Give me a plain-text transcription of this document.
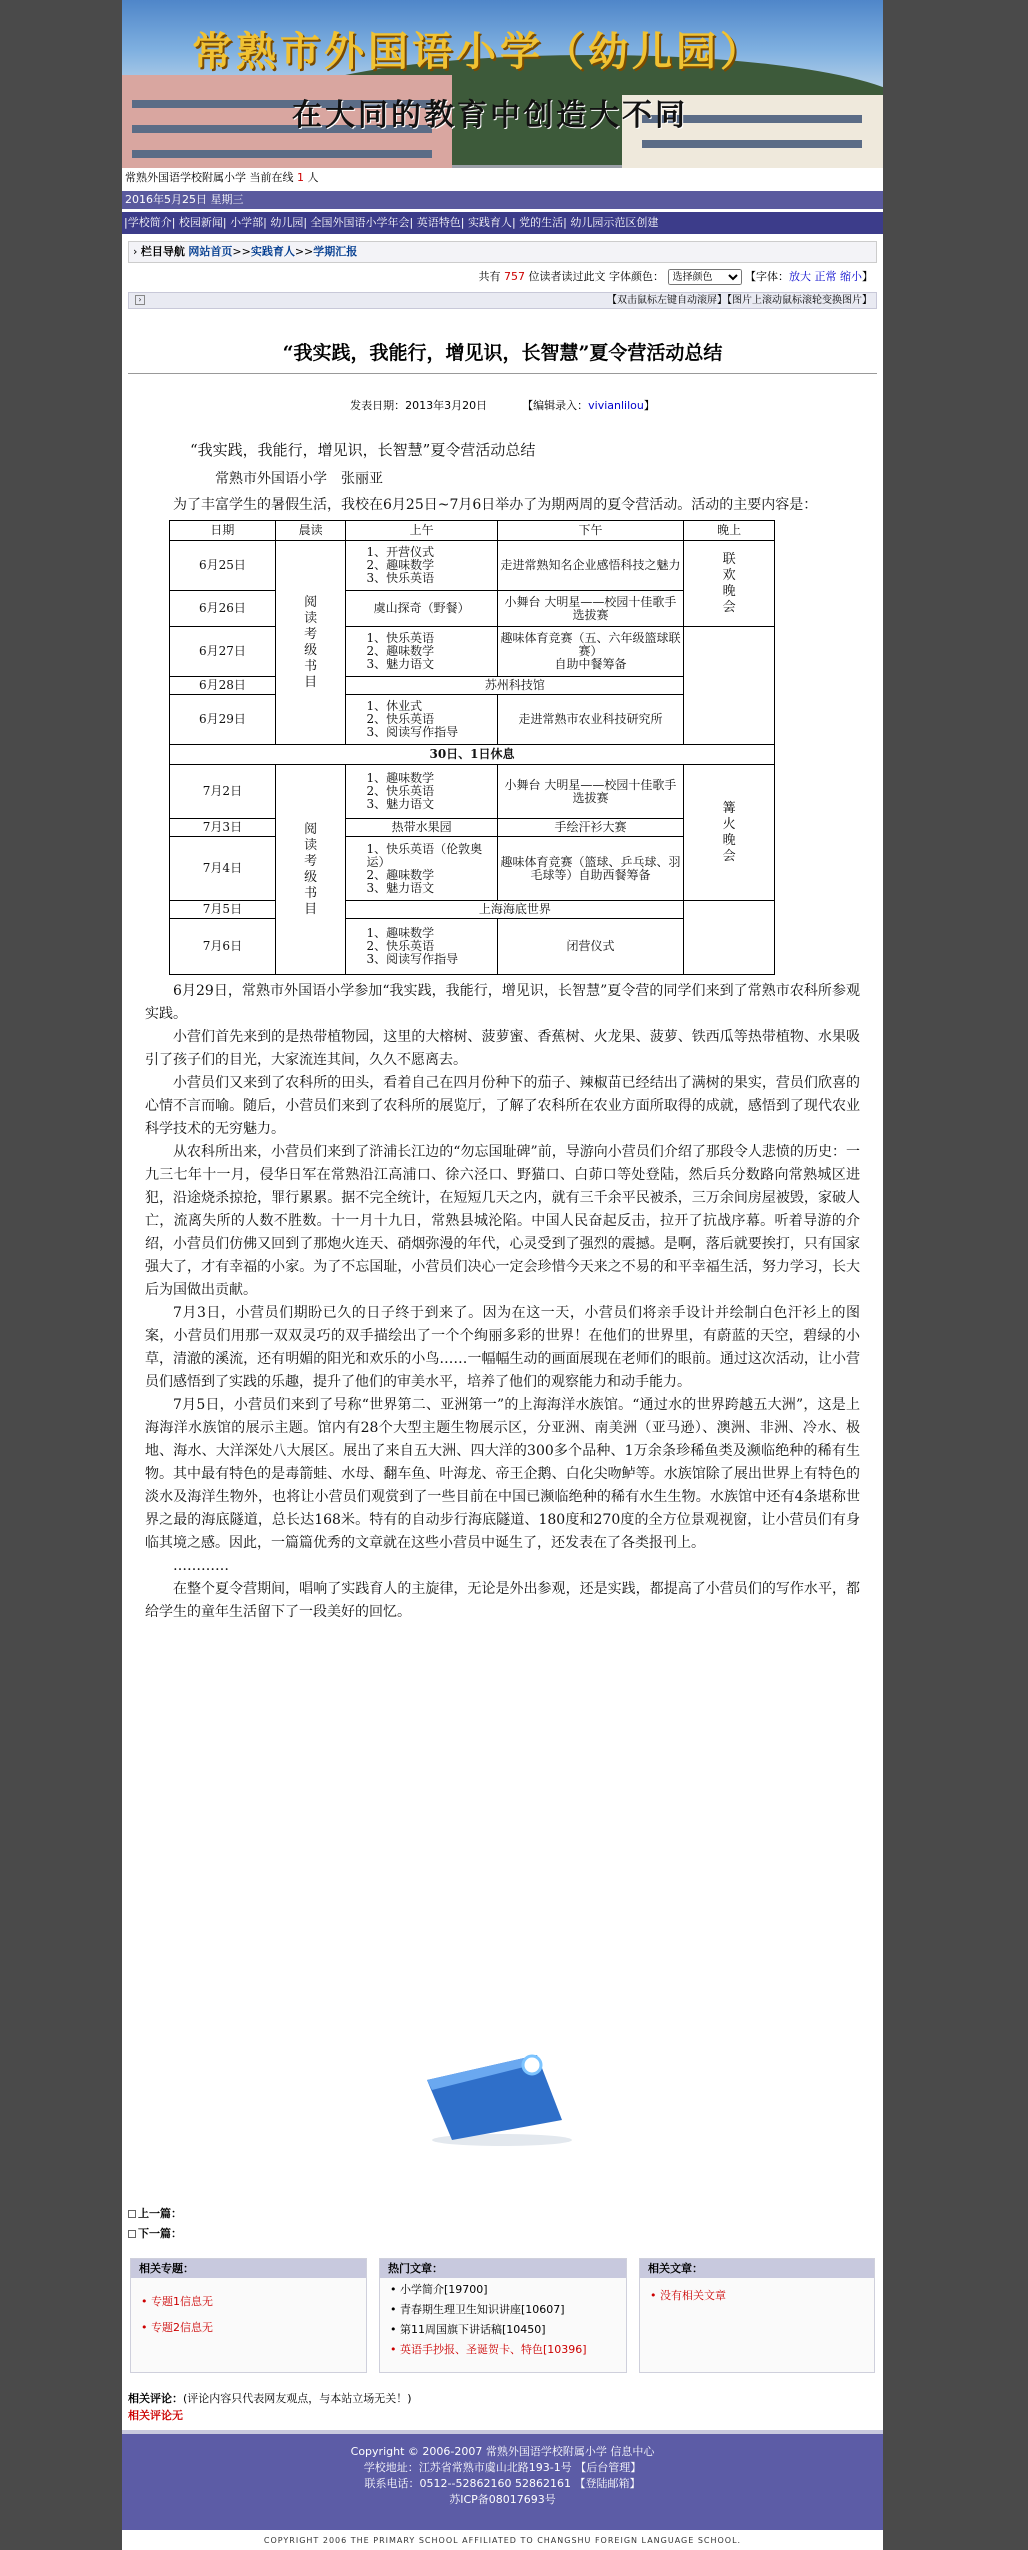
常熟市外国语小学（幼儿园）
在大同的教育中创造大不同
常熟外国语学校附属小学 当前在线 1 人
2016年5月25日 星期三
|学校简介| 校园新闻| 小学部| 幼儿园| 全国外国语小学年会| 英语特色| 实践育人| 党的生活| 幼儿园示范区创建
› 栏目导航 网站首页>>实践育人>>学期汇报
共有 757 位读者读过此文 字体颜色：
选择颜色	【字体：放大 正常 缩小】
›	【双击鼠标左键自动滚屏】【图片上滚动鼠标滚轮变换图片】
“我实践，我能行，增见识，长智慧”夏令营活动总结
发表日期：2013年3月20日	【编辑录入：vivianlilou】

“我实践，我能行，增见识，长智慧”夏令营活动总结

常熟市外国语小学　张丽亚

为了丰富学生的暑假生活，我校在6月25日~7月6日举办了为期两周的夏令营活动。活动的主要内容是：

日期	晨读	上午	下午	晚上
6月25日	阅读考级书目	1、开营仪式
2、趣味数学
3、快乐英语	走进常熟知名企业感悟科技之魅力	联欢晚会
6月26日		虞山探奇（野餐）	小舞台 大明星——校园十佳歌手选拔赛	
6月27日		1、快乐英语
2、趣味数学
3、魅力语文	趣味体育竞赛（五、六年级篮球联赛）
自助中餐筹备	
6月28日		苏州科技馆		
6月29日		1、休业式
2、快乐英语
3、阅读写作指导	走进常熟市农业科技研究所	
30日、1日休息				
7月2日	阅读考级书目	1、趣味数学
2、快乐英语
3、魅力语文	小舞台 大明星——校园十佳歌手选拔赛	篝火晚会
7月3日		热带水果园	手绘汗衫大赛	
7月4日		1、快乐英语（伦敦奥运）
2、趣味数学
3、魅力语文	趣味体育竞赛（篮球、乒乓球、羽毛球等）自助西餐筹备	
7月5日		上海海底世界		
7月6日		1、趣味数学
2、快乐英语
3、阅读写作指导	闭营仪式	

6月29日，常熟市外国语小学参加“我实践，我能行，增见识，长智慧”夏令营的同学们来到了常熟市农科所参观实践。

小营们首先来到的是热带植物园，这里的大榕树、菠萝蜜、香蕉树、火龙果、菠萝、铁西瓜等热带植物、水果吸引了孩子们的目光，大家流连其间，久久不愿离去。

小营员们又来到了农科所的田头，看着自己在四月份种下的茄子、辣椒苗已经结出了满树的果实，营员们欣喜的心情不言而喻。随后，小营员们来到了农科所的展览厅，了解了农科所在农业方面所取得的成就，感悟到了现代农业科学技术的无穷魅力。

从农科所出来，小营员们来到了浒浦长江边的“勿忘国耻碑”前，导游向小营员们介绍了那段令人悲愤的历史：一九三七年十一月，侵华日军在常熟沿江高浦口、徐六泾口、野猫口、白茆口等处登陆，然后兵分数路向常熟城区进犯，沿途烧杀掠抢，罪行累累。据不完全统计，在短短几天之内，就有三千余平民被杀，三万余间房屋被毁，家破人亡，流离失所的人数不胜数。十一月十九日，常熟县城沦陷。中国人民奋起反击，拉开了抗战序幕。听着导游的介绍，小营员们仿佛又回到了那炮火连天、硝烟弥漫的年代，心灵受到了强烈的震撼。是啊，落后就要挨打，只有国家强大了，才有幸福的小家。为了不忘国耻，小营员们决心一定会珍惜今天来之不易的和平幸福生活，努力学习，长大后为国做出贡献。

7月3日，小营员们期盼已久的日子终于到来了。因为在这一天，小营员们将亲手设计并绘制白色汗衫上的图案，小营员们用那一双双灵巧的双手描绘出了一个个绚丽多彩的世界！在他们的世界里，有蔚蓝的天空，碧绿的小草，清澈的溪流，还有明媚的阳光和欢乐的小鸟……一幅幅生动的画面展现在老师们的眼前。通过这次活动，让小营员们感悟到了实践的乐趣，提升了他们的审美水平，培养了他们的观察能力和动手能力。

7月5日，小营员们来到了号称“世界第二、亚洲第一”的上海海洋水族馆。“通过水的世界跨越五大洲”，这是上海海洋水族馆的展示主题。馆内有28个大型主题生物展示区，分亚洲、南美洲（亚马逊）、澳洲、非洲、冷水、极地、海水、大洋深处八大展区。展出了来自五大洲、四大洋的300多个品种、1万余条珍稀鱼类及濒临绝种的稀有生物。其中最有特色的是毒箭蛙、水母、翻车鱼、叶海龙、帝王企鹅、白化尖吻鲈等。水族馆除了展出世界上有特色的淡水及海洋生物外，也将让小营员们观赏到了一些目前在中国已濒临绝种的稀有水生生物。水族馆中还有4条堪称世界之最的海底隧道，总长达168米。特有的自动步行海底隧道、180度和270度的全方位景观视窗，让小营员们有身临其境之感。因此，一篇篇优秀的文章就在这些小营员中诞生了，还发表在了各类报刊上。

…………

在整个夏令营期间，唱响了实践育人的主旋律，无论是外出参观，还是实践，都提高了小营员们的写作水平，都给学生的童年生活留下了一段美好的回忆。

上一篇：
下一篇：
相关专题：
• 专题1信息无
• 专题2信息无
热门文章：
• 小学简介[19700]
• 青春期生理卫生知识讲座[10607]
• 第11周国旗下讲话稿[10450]
• 英语手抄报、圣诞贺卡、特色[10396]
相关文章：
• 没有相关文章
相关评论：(评论内容只代表网友观点，与本站立场无关！)
相关评论无
Copyright © 2006-2007 常熟外国语学校附属小学 信息中心
学校地址：江苏省常熟市虞山北路193-1号 【后台管理】
联系电话：0512--52862160 52862161 【登陆邮箱】
苏ICP备08017693号
COPYRIGHT 2006 THE PRIMARY SCHOOL AFFILIATED TO CHANGSHU FOREIGN LANGUAGE SCHOOL.
